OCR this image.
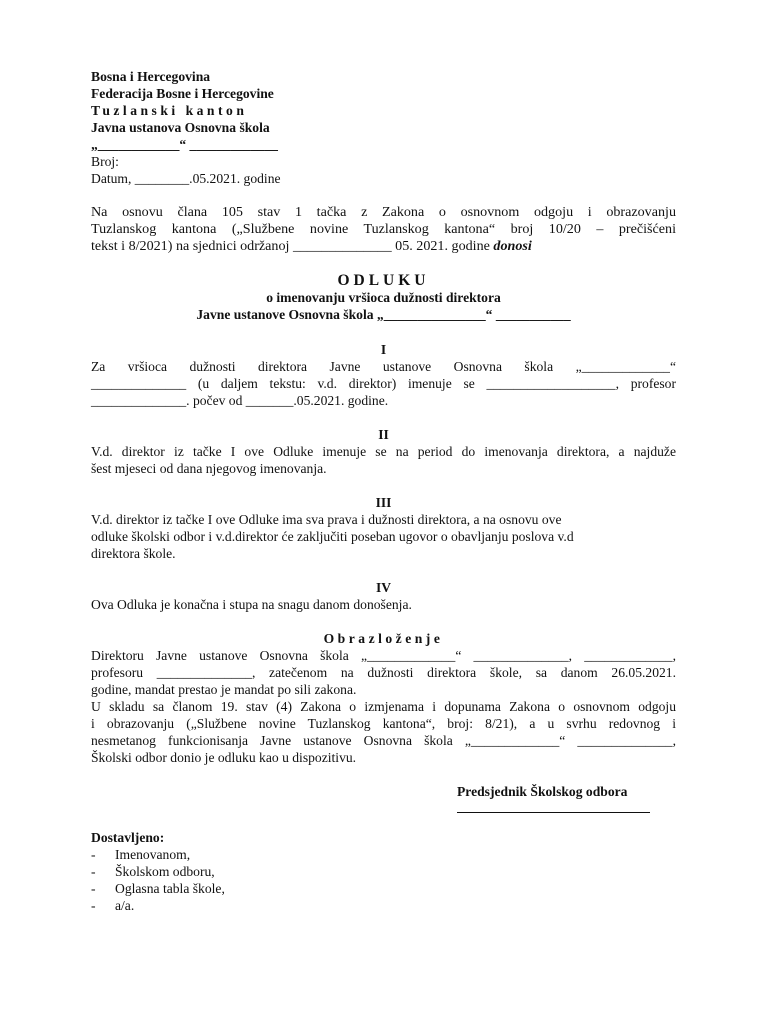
Bosna i Hercegovina
Federacija Bosne i Hercegovine
Tuzlanski kanton
Javna ustanova Osnovna škola
„____________“ _____________
Broj:
Datum, ________.05.2021. godine
Na osnovu člana 105 stav 1 tačka z Zakona o osnovnom odgoju i obrazovanju
Tuzlanskog kantona („Službene novine Tuzlanskog kantona“ broj 10/20 – prečišćeni
tekst i 8/2021) na sjednici održanoj ______________ 05. 2021. godine donosi
ODLUKU
o imenovanju vršioca dužnosti direktora
Javne ustanove Osnovna škola „_______________“ ___________
I
Za vršioca dužnosti direktora Javne ustanove Osnovna škola „_____________“
______________ (u daljem tekstu: v.d. direktor) imenuje se ___________________, profesor
______________. počev od _______.05.2021. godine.
II
V.d. direktor iz tačke I ove Odluke imenuje se na period do imenovanja direktora, a najduže
šest mjeseci od dana njegovog imenovanja.
III
V.d. direktor iz tačke I ove Odluke ima sva prava i dužnosti direktora, a na osnovu ove
odluke školski odbor i v.d.direktor će zaključiti poseban ugovor o obavljanju poslova v.d
direktora škole.
IV
Ova Odluka je konačna i stupa na snagu danom donošenja.
Obrazloženje
Direktoru Javne ustanove Osnovna škola „_____________“ ______________, _____________,
profesoru ______________, zatečenom na dužnosti direktora škole, sa danom 26.05.2021.
godine, mandat prestao je mandat po sili zakona.
U skladu sa članom 19. stav (4) Zakona o izmjenama i dopunama Zakona o osnovnom odgoju
i obrazovanju („Službene novine Tuzlanskog kantona“, broj: 8/21), a u svrhu redovnog i
nesmetanog funkcionisanja Javne ustanove Osnovna škola „_____________“ ______________,
Školski odbor donio je odluku kao u dispozitivu.
Predsjednik Školskog odbora
Dostavljeno:
-	Imenovanom,
-	Školskom odboru,
-	Oglasna tabla škole,
-	a/a.
